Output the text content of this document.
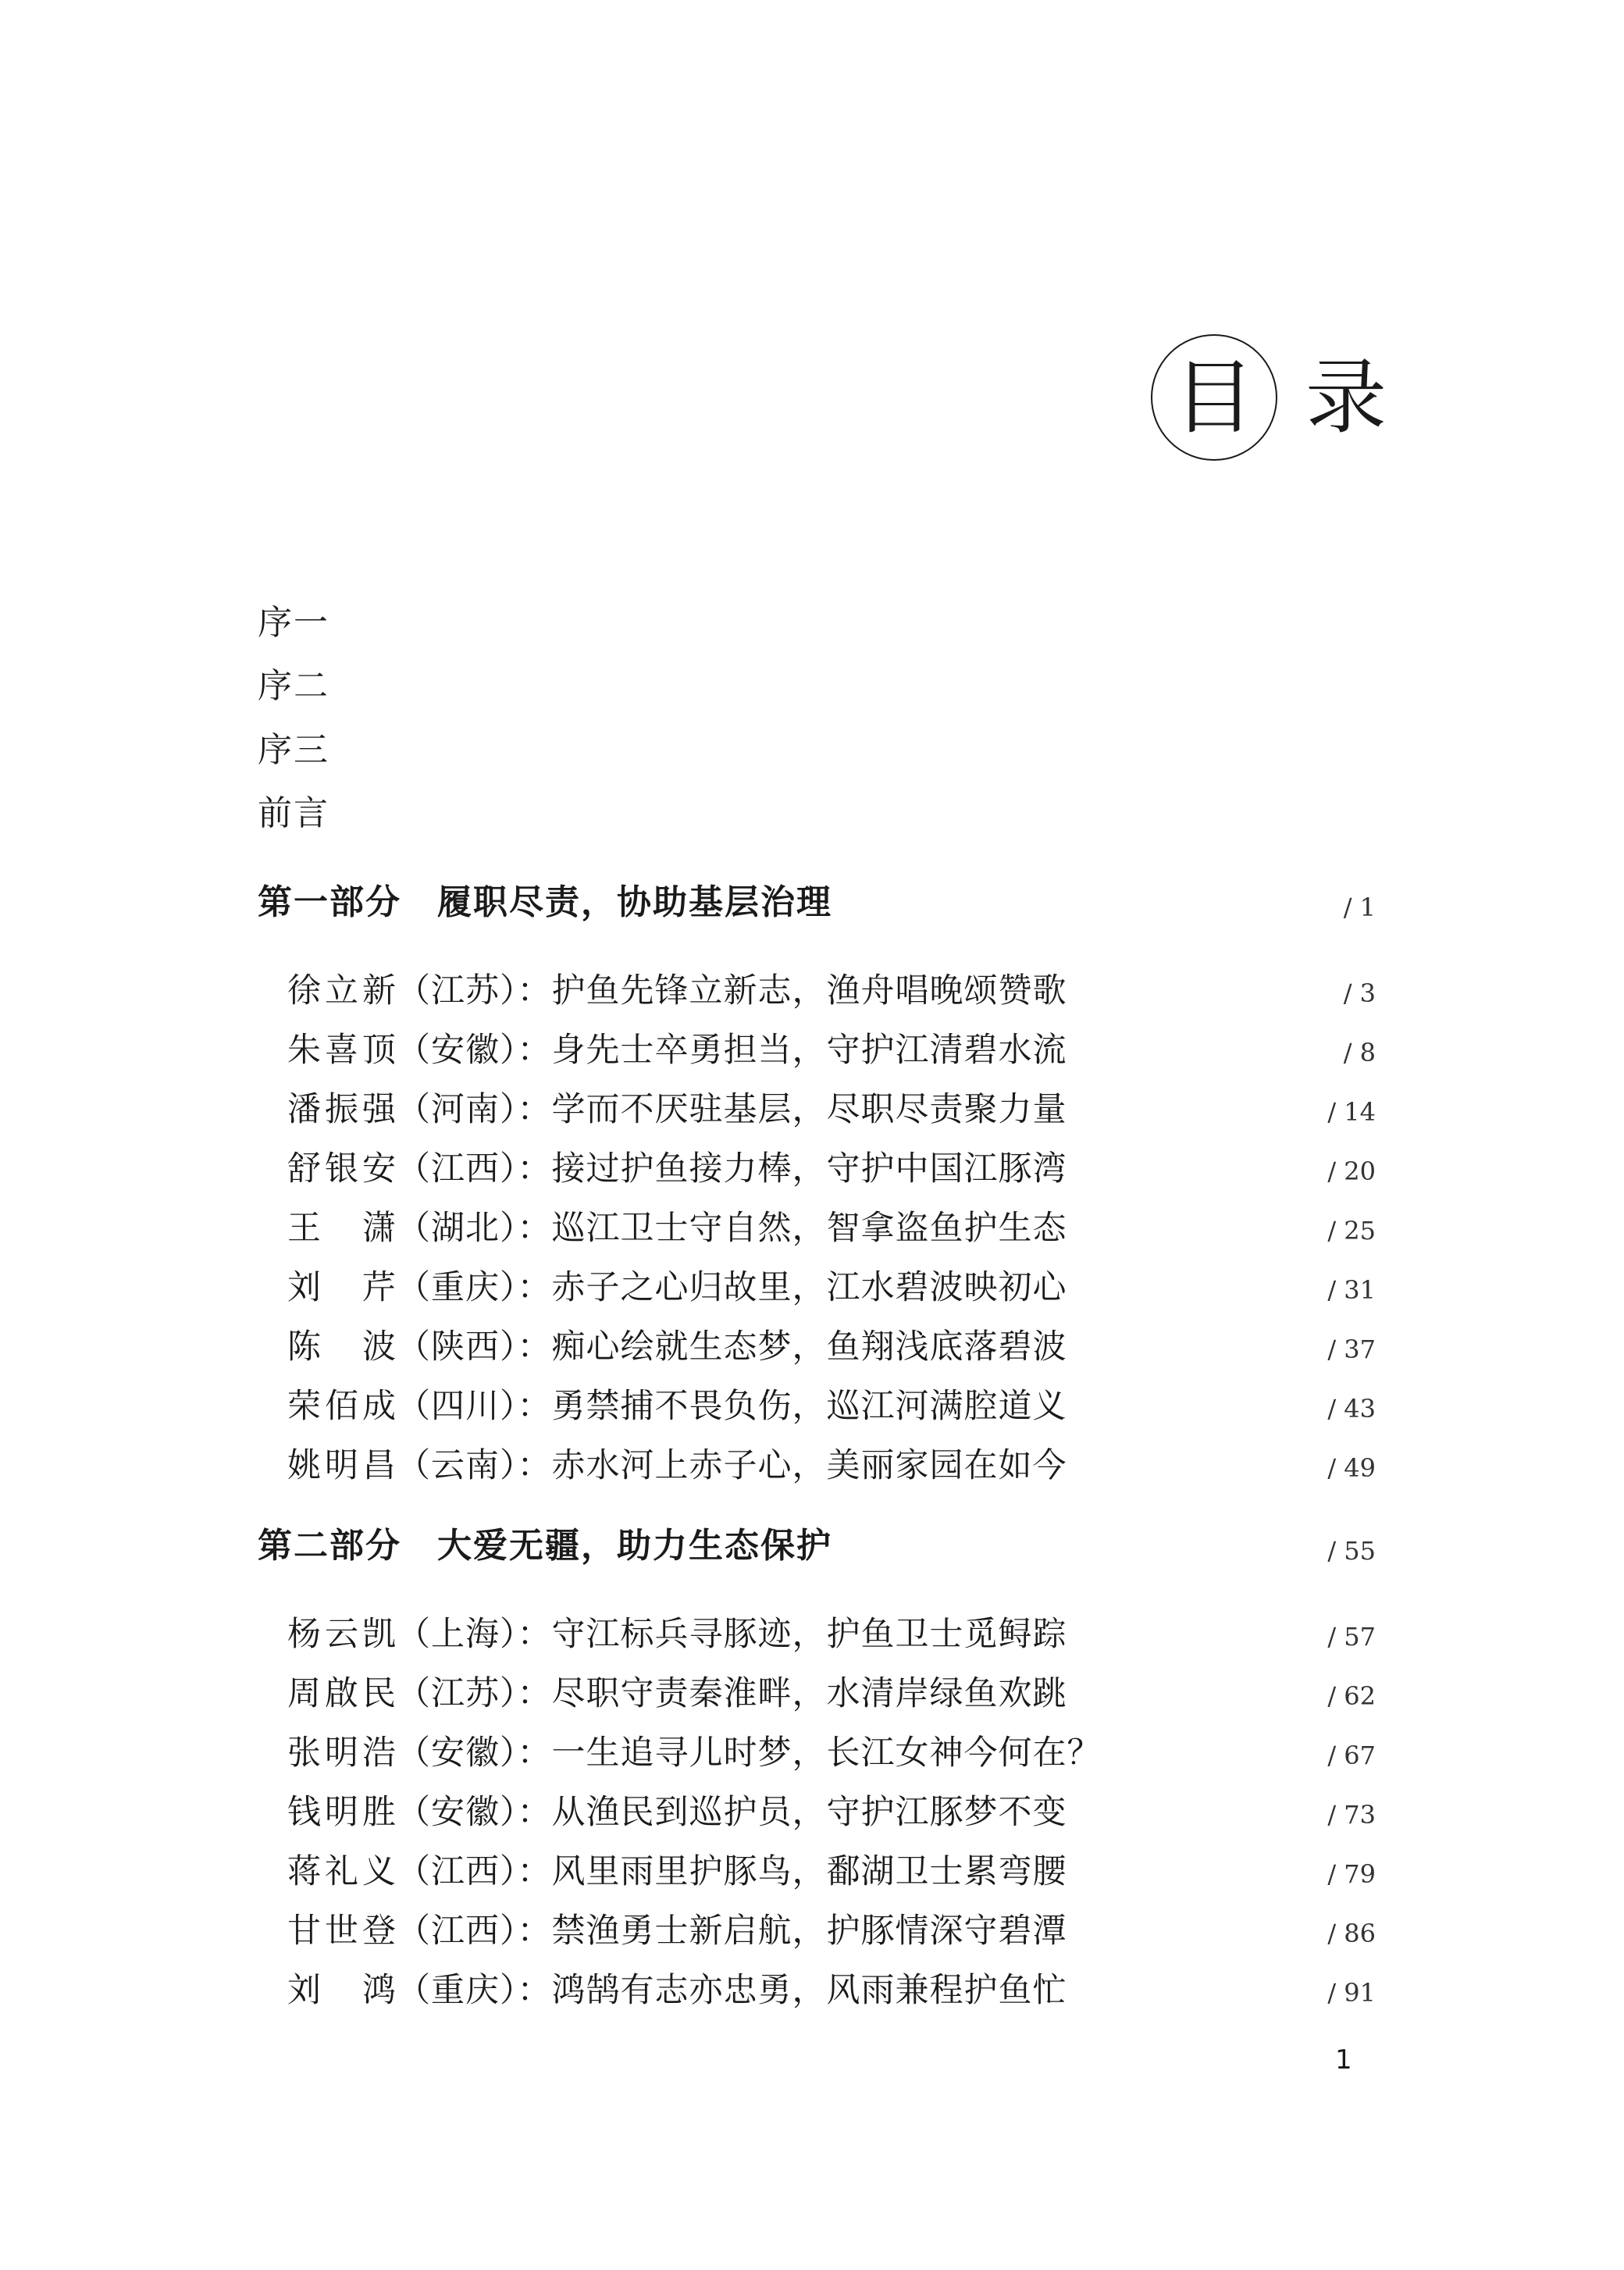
目 录
序一
序二
序三
前言
第一部分　履职尽责，协助基层治理	/ 1
徐立新（江苏）：护鱼先锋立新志，渔舟唱晚颂赞歌	/ 3
朱喜顶（安徽）：身先士卒勇担当，守护江清碧水流	/ 8
潘振强（河南）：学而不厌驻基层，尽职尽责聚力量	/ 14
舒银安（江西）：接过护鱼接力棒，守护中国江豚湾	/ 20
王潇（湖北）：巡江卫士守自然，智拿盗鱼护生态	/ 25
刘芹（重庆）：赤子之心归故里，江水碧波映初心	/ 31
陈波（陕西）：痴心绘就生态梦，鱼翔浅底落碧波	/ 37
荣佰成（四川）：勇禁捕不畏负伤，巡江河满腔道义	/ 43
姚明昌（云南）：赤水河上赤子心，美丽家园在如今	/ 49
第二部分　大爱无疆，助力生态保护	/ 55
杨云凯（上海）：守江标兵寻豚迹，护鱼卫士觅鲟踪	/ 57
周啟民（江苏）：尽职守责秦淮畔，水清岸绿鱼欢跳	/ 62
张明浩（安徽）：一生追寻儿时梦，长江女神今何在？	/ 67
钱明胜（安徽）：从渔民到巡护员，守护江豚梦不变	/ 73
蒋礼义（江西）：风里雨里护豚鸟，鄱湖卫士累弯腰	/ 79
甘世登（江西）：禁渔勇士新启航，护豚情深守碧潭	/ 86
刘鸿（重庆）：鸿鹄有志亦忠勇，风雨兼程护鱼忙	/ 91
1
